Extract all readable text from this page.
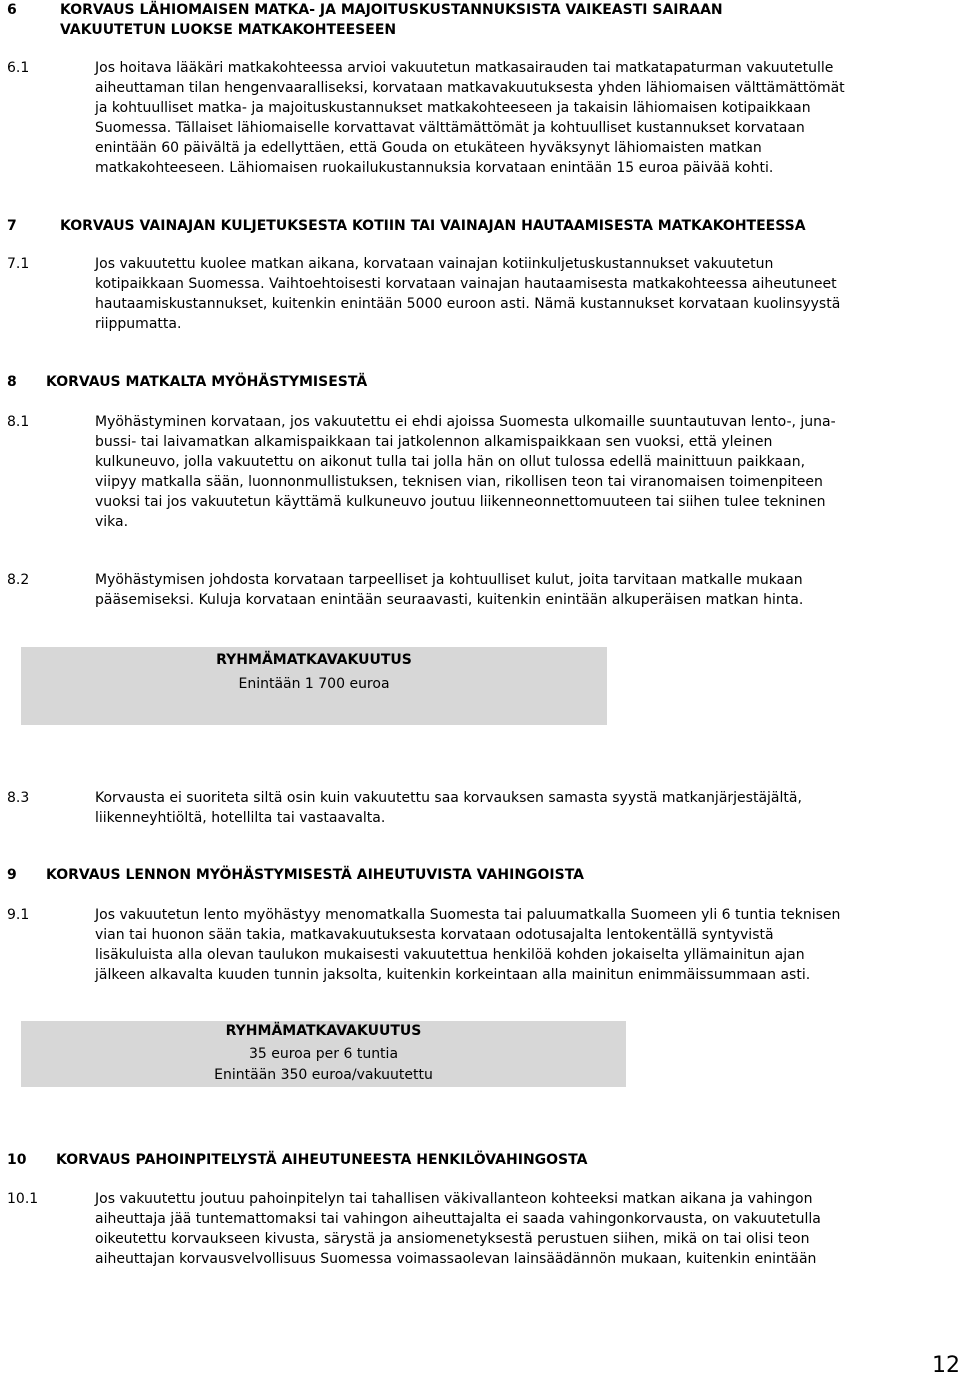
6	KORVAUS LÄHIOMAISEN MATKA- JA MAJOITUSKUSTANNUKSISTA VAIKEASTI SAIRAAN
VAKUUTETUN LUOKSE MATKAKOHTEESEEN
6.1	Jos hoitava lääkäri matkakohteessa arvioi vakuutetun matkasairauden tai matkatapaturman vakuutetulle
aiheuttaman tilan hengenvaaralliseksi, korvataan matkavakuutuksesta yhden lähiomaisen välttämättömät
ja kohtuulliset matka- ja majoituskustannukset matkakohteeseen ja takaisin lähiomaisen kotipaikkaan
Suomessa. Tällaiset lähiomaiselle korvattavat välttämättömät ja kohtuulliset kustannukset korvataan
enintään 60 päivältä ja edellyttäen, että Gouda on etukäteen hyväksynyt lähiomaisten matkan
matkakohteeseen. Lähiomaisen ruokailukustannuksia korvataan enintään 15 euroa päivää kohti.
7	KORVAUS VAINAJAN KULJETUKSESTA KOTIIN TAI VAINAJAN HAUTAAMISESTA MATKAKOHTEESSA
7.1	Jos vakuutettu kuolee matkan aikana, korvataan vainajan kotiinkuljetuskustannukset vakuutetun
kotipaikkaan Suomessa. Vaihtoehtoisesti korvataan vainajan hautaamisesta matkakohteessa aiheutuneet
hautaamiskustannukset, kuitenkin enintään 5000 euroon asti. Nämä kustannukset korvataan kuolinsyystä
riippumatta.
8 KORVAUS MATKALTA MYÖHÄSTYMISESTÄ
8.1	Myöhästyminen korvataan, jos vakuutettu ei ehdi ajoissa Suomesta ulkomaille suuntautuvan lento-, juna-
bussi- tai laivamatkan alkamispaikkaan tai jatkolennon alkamispaikkaan sen vuoksi, että yleinen
kulkuneuvo, jolla vakuutettu on aikonut tulla tai jolla hän on ollut tulossa edellä mainittuun paikkaan,
viipyy matkalla sään, luonnonmullistuksen, teknisen vian, rikollisen teon tai viranomaisen toimenpiteen
vuoksi tai jos vakuutetun käyttämä kulkuneuvo joutuu liikenneonnettomuuteen tai siihen tulee tekninen
vika.
8.2	Myöhästymisen johdosta korvataan tarpeelliset ja kohtuulliset kulut, joita tarvitaan matkalle mukaan
pääsemiseksi. Kuluja korvataan enintään seuraavasti, kuitenkin enintään alkuperäisen matkan hinta.
RYHMÄMATKAVAKUUTUS
Enintään 1 700 euroa
8.3	Korvausta ei suoriteta siltä osin kuin vakuutettu saa korvauksen samasta syystä matkanjärjestäjältä,
liikenneyhtiöltä, hotellilta tai vastaavalta.
9 KORVAUS LENNON MYÖHÄSTYMISESTÄ AIHEUTUVISTA VAHINGOISTA
9.1	Jos vakuutetun lento myöhästyy menomatkalla Suomesta tai paluumatkalla Suomeen yli 6 tuntia teknisen
vian tai huonon sään takia, matkavakuutuksesta korvataan odotusajalta lentokentällä syntyvistä
lisäkuluista alla olevan taulukon mukaisesti vakuutettua henkilöä kohden jokaiselta yllämainitun ajan
jälkeen alkavalta kuuden tunnin jaksolta, kuitenkin korkeintaan alla mainitun enimmäissummaan asti.
RYHMÄMATKAVAKUUTUS
35 euroa per 6 tuntia
Enintään 350 euroa/vakuutettu
10 KORVAUS PAHOINPITELYSTÄ AIHEUTUNEESTA HENKILÖVAHINGOSTA
10.1	Jos vakuutettu joutuu pahoinpitelyn tai tahallisen väkivallanteon kohteeksi matkan aikana ja vahingon
aiheuttaja jää tuntemattomaksi tai vahingon aiheuttajalta ei saada vahingonkorvausta, on vakuutetulla
oikeutettu korvaukseen kivusta, särystä ja ansiomenetyksestä perustuen siihen, mikä on tai olisi teon
aiheuttajan korvausvelvollisuus Suomessa voimassaolevan lainsäädännön mukaan, kuitenkin enintään
12
